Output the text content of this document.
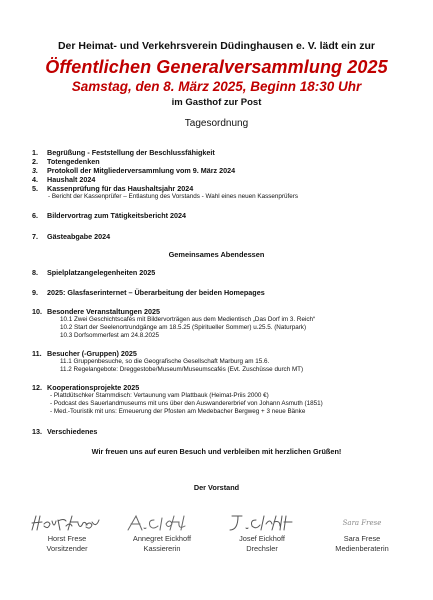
Der Heimat- und Verkehrsverein Düdinghausen e. V. lädt ein zur
Öffentlichen Generalversammlung 2025
Samstag, den 8. März 2025, Beginn 18:30 Uhr
im Gasthof zur Post
Tagesordnung
1. Begrüßung - Feststellung der Beschlussfähigkeit
2. Totengedenken
3. Protokoll der Mitgliederversammlung vom 9. März 2024
4. Haushalt 2024
5. Kassenprüfung für das Haushaltsjahr 2024
- Bericht der Kassenprüfer – Entlastung des Vorstands - Wahl eines neuen Kassenprüfers
6. Bildervortrag zum Tätigkeitsbericht 2024
7. Gästeabgabe 2024
Gemeinsames Abendessen
8. Spielplatzangelegenheiten 2025
9. 2025: Glasfaserinternet – Überarbeitung der beiden Homepages
10. Besondere Veranstaltungen 2025
10.1 Zwei Geschichtscafés mit Bildervorträgen aus dem Medientisch „Das Dorf im 3. Reich“
10.2 Start der Seelenortrundgänge am 18.5.25 (Spiritueller Sommer) u.25.5. (Naturpark)
10.3 Dorfsommerfest am 24.8.2025
11. Besucher (-Gruppen) 2025
11.1 Gruppenbesuche, so die Geografische Gesellschaft Marburg am 15.6.
11.2 Regelangebote: Dreggestobe/Museum/Museumscafés (Evt. Zuschüsse durch MT)
12. Kooperationsprojekte 2025
- Plattdütschker Stammdisch: Vertaunung vam Plattbauk (Heimat-Priis 2000 €)
- Podcast des Sauerlandmuseums mit uns über den Auswandererbrief von Johann Asmuth (1851)
- Med.-Touristik mit uns: Erneuerung der Pfosten am Medebacher Bergweg + 3 neue Bänke
13. Verschiedenes
Wir freuen uns auf euren Besuch und verbleiben mit herzlichen Grüßen!
Der Vorstand
Horst Frese
Vorsitzender
Annegret Eickhoff
Kassiererin
Josef Eickhoff
Drechsler
Sara Frese
Sara Frese
Medienberaterin
